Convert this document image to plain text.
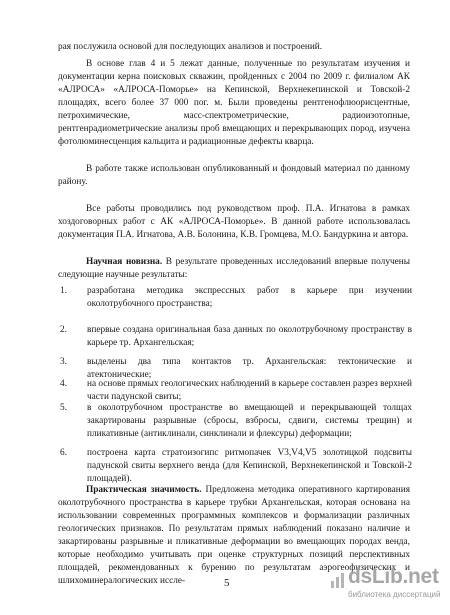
рая послужила основой для последующих анализов и построений.
В основе глав 4 и 5 лежат данные, полученные по результатам изучения и документации керна поисковых скважин, пройденных с 2004 по 2009 г. филиалом АК «АЛРОСА» «АЛРОСА-Поморье» на Кепинской, Верхнекепинской и Товской-2 площадях, всего более 37 000 пог. м. Были проведены рентгенофлюорисцентные, петрохимические, масс-спектрометрические, радиоизотопные, рентгенрадиометрические анализы проб вмещающих и перекрывающих пород, изучена фотолюминесценция кальцита и радиационные дефекты кварца.
В работе также использован опубликованный и фондовый материал по данному району.
Все работы проводились под руководством проф. П.А. Игнатова в рамках хоздоговорных работ с АК «АЛРОСА-Поморье». В данной работе использовалась документация П.А. Игнатова, А.В. Болонина, К.В. Громцева, М.О. Бандуркина и автора.
Научная новизна. В результате проведенных исследований впервые получены следующие научные результаты:
1.	разработана методика экспрессных работ в карьере при изучении околотрубочного пространства;
2.	впервые создана оригинальная база данных по околотрубочному пространству в карьере тр. Архангельская;
3.	выделены два типа контактов тр. Архангельская: тектонические и атектонические;
4.	на основе прямых геологических наблюдений в карьере составлен разрез верхней части падунской свиты;
5.	в околотрубочном пространстве во вмещающей и перекрывающей толщах закартированы разрывные (сбросы, взбросы, сдвиги, системы трещин) и пликативные (антиклинали, синклинали и флексуры) деформации;
6.	построена карта стратоизогипс ритмопачек V3,V4,V5 золотицкой подсвиты падунской свиты верхнего венда (для Кепинской, Верхнекепинской и Товской-2 площадей).
Практическая значимость. Предложена методика оперативного картирования околотрубочного пространства в карьере трубки Архангельская, которая основана на использовании современных программных комплексов и формализации различных геологических признаков. По результатам прямых наблюдений показано наличие и закартированы разрывные и пликативные деформации во вмещающих породах венда, которые необходимо учитывать при оценке структурных позиций перспективных площадей, рекомендованных к бурению по результатам аэрогеофизических и шлихоминералогических иссле-	5	dsLib.net
библиотека диссертаций
